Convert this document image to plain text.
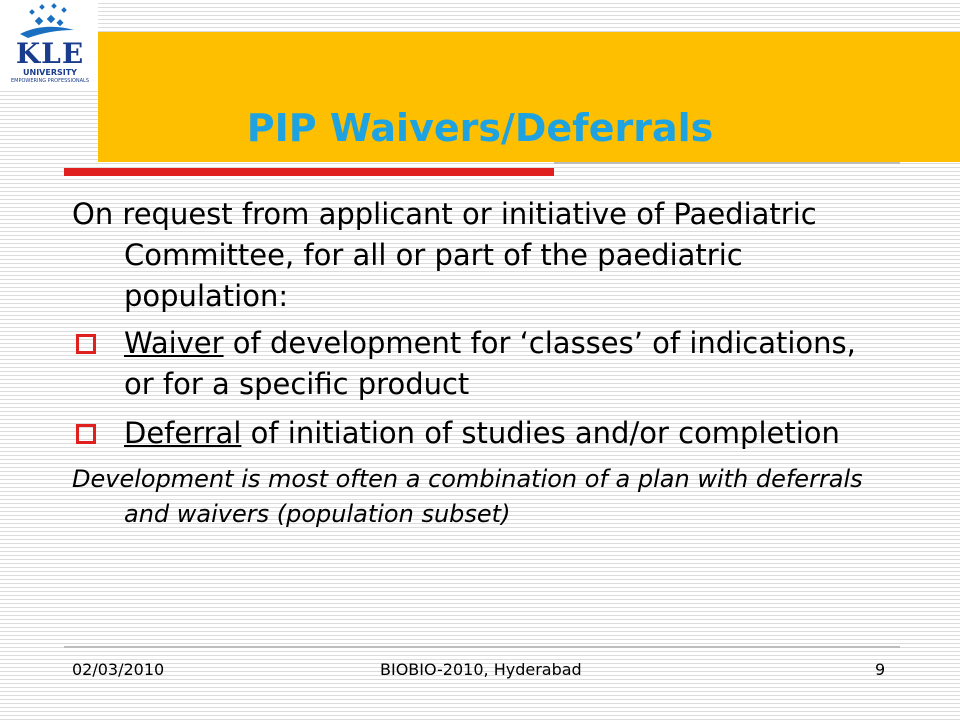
KLE
UNIVERSITY
EMPOWERING PROFESSIONALS
PIP Waivers/Deferrals

On request from applicant or initiative of Paediatric Committee, for all or part of the paediatric population:

Waiver of development for ‘classes’ of indications, or for a specific product
Deferral of initiation of studies and/or completion

Development is most often a combination of a plan with deferrals and waivers (population subset)

02/03/2010	BIOBIO-2010, Hyderabad	9
